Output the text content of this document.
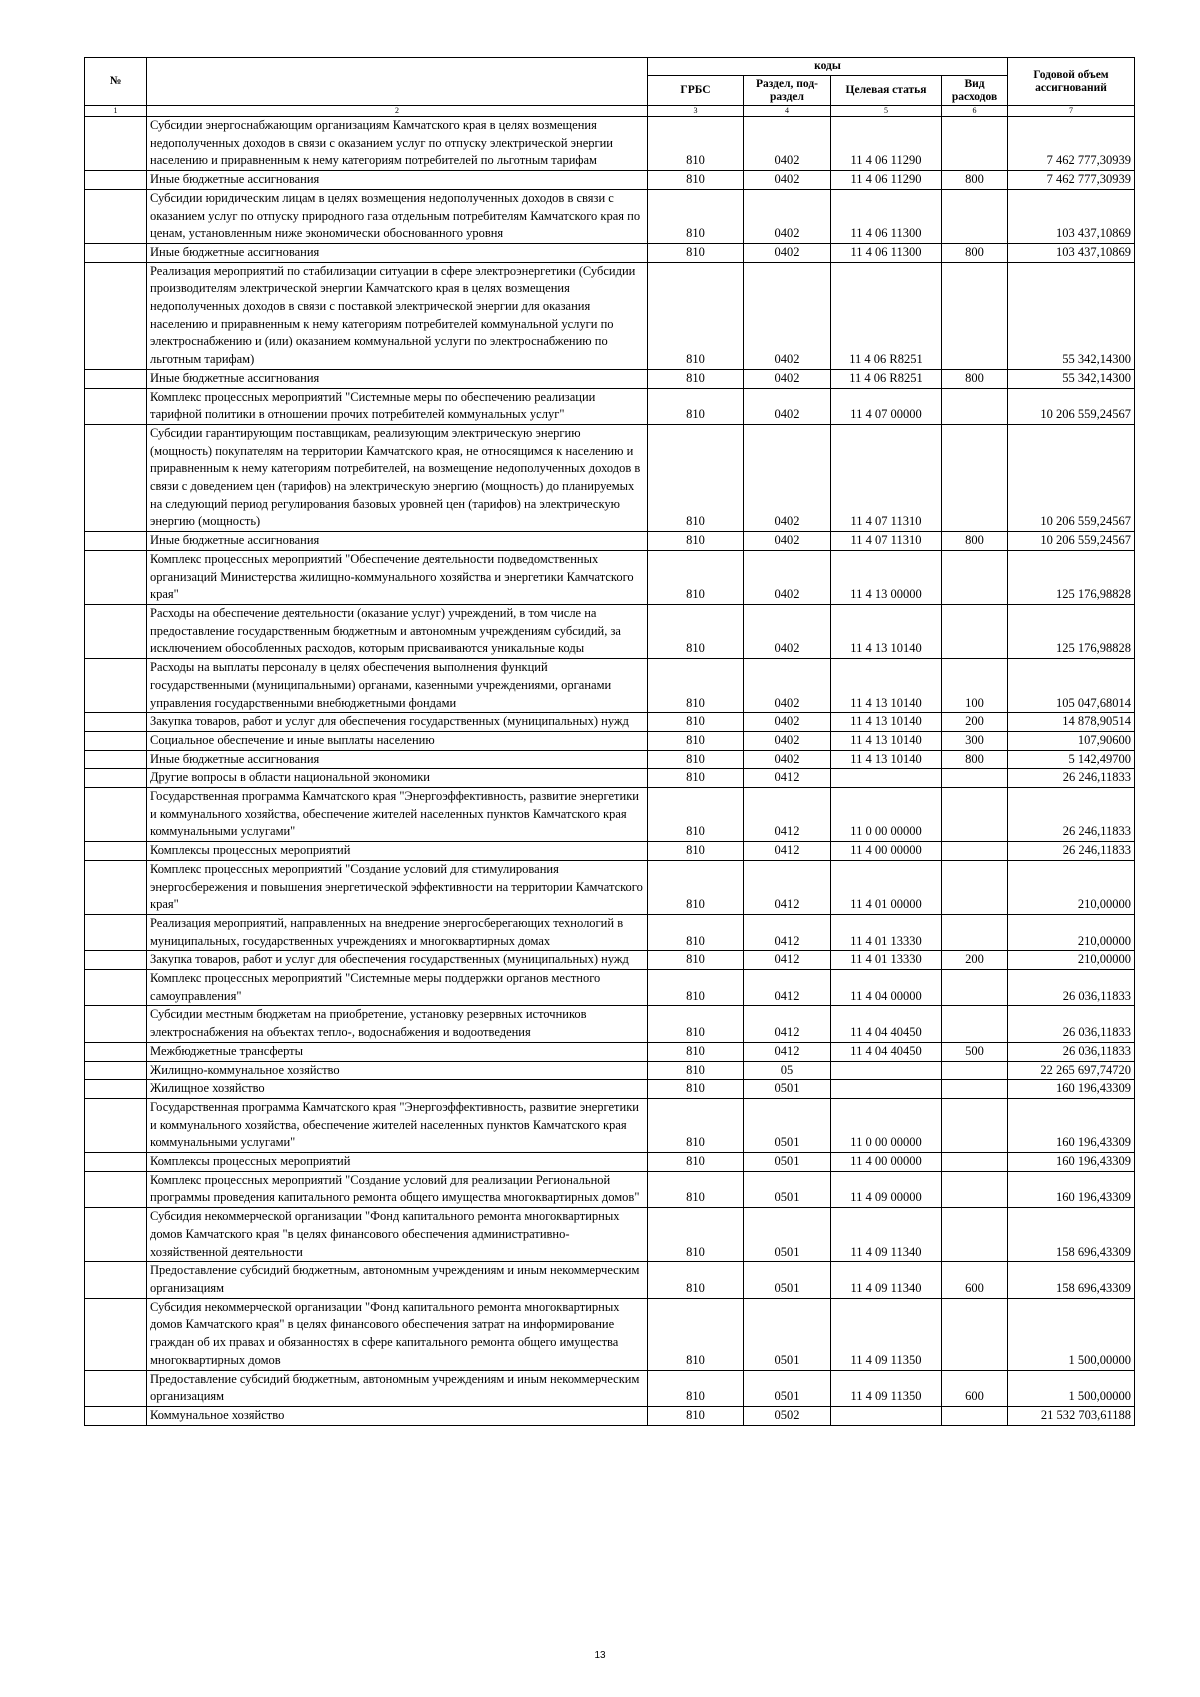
№		коды				Годовой объем ассигнований
		ГРБС	Раздел, под-раздел	Целевая статья	Вид расходов	
1	2	3	4	5	6	7
	Субсидии энергоснабжающим организациям Камчатского края в целях возмещения недополученных доходов в связи с оказанием услуг по отпуску электрической энергии населению и приравненным к нему категориям потребителей по льготным тарифам	810	0402	11 4 06 11290		7 462 777,30939
	Иные бюджетные ассигнования	810	0402	11 4 06 11290	800	7 462 777,30939
	Субсидии юридическим лицам в целях возмещения недополученных доходов в связи с оказанием услуг по отпуску природного газа отдельным потребителям Камчатского края по ценам, установленным ниже экономически обоснованного уровня	810	0402	11 4 06 11300		103 437,10869
	Иные бюджетные ассигнования	810	0402	11 4 06 11300	800	103 437,10869
	Реализация мероприятий по стабилизации ситуации в сфере электроэнергетики (Субсидии производителям электрической энергии Камчатского края в целях возмещения недополученных доходов в связи с поставкой электрической энергии для оказания населению и приравненным к нему категориям потребителей коммунальной услуги по электроснабжению и (или) оказанием коммунальной услуги по электроснабжению по льготным тарифам)	810	0402	11 4 06 R8251		55 342,14300
	Иные бюджетные ассигнования	810	0402	11 4 06 R8251	800	55 342,14300
	Комплекс процессных мероприятий "Системные меры по обеспечению реализации тарифной политики в отношении прочих потребителей коммунальных услуг"	810	0402	11 4 07 00000		10 206 559,24567
	Субсидии гарантирующим поставщикам, реализующим электрическую энергию (мощность) покупателям на территории Камчатского края, не относящимся к населению и приравненным к нему категориям потребителей, на возмещение недополученных доходов в связи с доведением цен (тарифов) на электрическую энергию (мощность) до планируемых на следующий период регулирования базовых уровней цен (тарифов) на электрическую энергию (мощность)	810	0402	11 4 07 11310		10 206 559,24567
	Иные бюджетные ассигнования	810	0402	11 4 07 11310	800	10 206 559,24567
	Комплекс процессных мероприятий "Обеспечение деятельности подведомственных организаций Министерства жилищно-коммунального хозяйства и энергетики Камчатского края"	810	0402	11 4 13 00000		125 176,98828
	Расходы на обеспечение деятельности (оказание услуг) учреждений, в том числе на предоставление государственным бюджетным и автономным учреждениям субсидий, за исключением обособленных расходов, которым присваиваются уникальные коды	810	0402	11 4 13 10140		125 176,98828
	Расходы на выплаты персоналу в целях обеспечения выполнения функций государственными (муниципальными) органами, казенными учреждениями, органами управления государственными внебюджетными фондами	810	0402	11 4 13 10140	100	105 047,68014
	Закупка товаров, работ и услуг для обеспечения государственных (муниципальных) нужд	810	0402	11 4 13 10140	200	14 878,90514
	Социальное обеспечение и иные выплаты населению	810	0402	11 4 13 10140	300	107,90600
	Иные бюджетные ассигнования	810	0402	11 4 13 10140	800	5 142,49700
	Другие вопросы в области национальной экономики	810	0412			26 246,11833
	Государственная программа Камчатского края "Энергоэффективность, развитие энергетики и коммунального хозяйства, обеспечение жителей населенных пунктов Камчатского края коммунальными услугами"	810	0412	11 0 00 00000		26 246,11833
	Комплексы процессных мероприятий	810	0412	11 4 00 00000		26 246,11833
	Комплекс процессных мероприятий "Создание условий для стимулирования энергосбережения и повышения энергетической эффективности на территории Камчатского края"	810	0412	11 4 01 00000		210,00000
	Реализация мероприятий, направленных на внедрение энергосберегающих технологий в муниципальных, государственных учреждениях и многоквартирных домах	810	0412	11 4 01 13330		210,00000
	Закупка товаров, работ и услуг для обеспечения государственных (муниципальных) нужд	810	0412	11 4 01 13330	200	210,00000
	Комплекс процессных мероприятий "Системные меры поддержки органов местного самоуправления"	810	0412	11 4 04 00000		26 036,11833
	Субсидии местным бюджетам на приобретение, установку резервных источников электроснабжения на объектах тепло-, водоснабжения и водоотведения	810	0412	11 4 04 40450		26 036,11833
	Межбюджетные трансферты	810	0412	11 4 04 40450	500	26 036,11833
	Жилищно-коммунальное хозяйство	810	05			22 265 697,74720
	Жилищное хозяйство	810	0501			160 196,43309
	Государственная программа Камчатского края "Энергоэффективность, развитие энергетики и коммунального хозяйства, обеспечение жителей населенных пунктов Камчатского края коммунальными услугами"	810	0501	11 0 00 00000		160 196,43309
	Комплексы процессных мероприятий	810	0501	11 4 00 00000		160 196,43309
	Комплекс процессных мероприятий "Создание условий для реализации Региональной программы проведения капитального ремонта общего имущества многоквартирных домов"	810	0501	11 4 09 00000		160 196,43309
	Субсидия некоммерческой организации "Фонд капитального ремонта многоквартирных домов Камчатского края "в целях финансового обеспечения административно-хозяйственной деятельности	810	0501	11 4 09 11340		158 696,43309
	Предоставление субсидий бюджетным, автономным учреждениям и иным некоммерческим организациям	810	0501	11 4 09 11340	600	158 696,43309
	Субсидия некоммерческой организации "Фонд капитального ремонта многоквартирных домов Камчатского края" в целях финансового обеспечения затрат на информирование граждан об их правах и обязанностях в сфере капитального ремонта общего имущества многоквартирных домов	810	0501	11 4 09 11350		1 500,00000
	Предоставление субсидий бюджетным, автономным учреждениям и иным некоммерческим организациям	810	0501	11 4 09 11350	600	1 500,00000
	Коммунальное хозяйство	810	0502			21 532 703,61188
13
